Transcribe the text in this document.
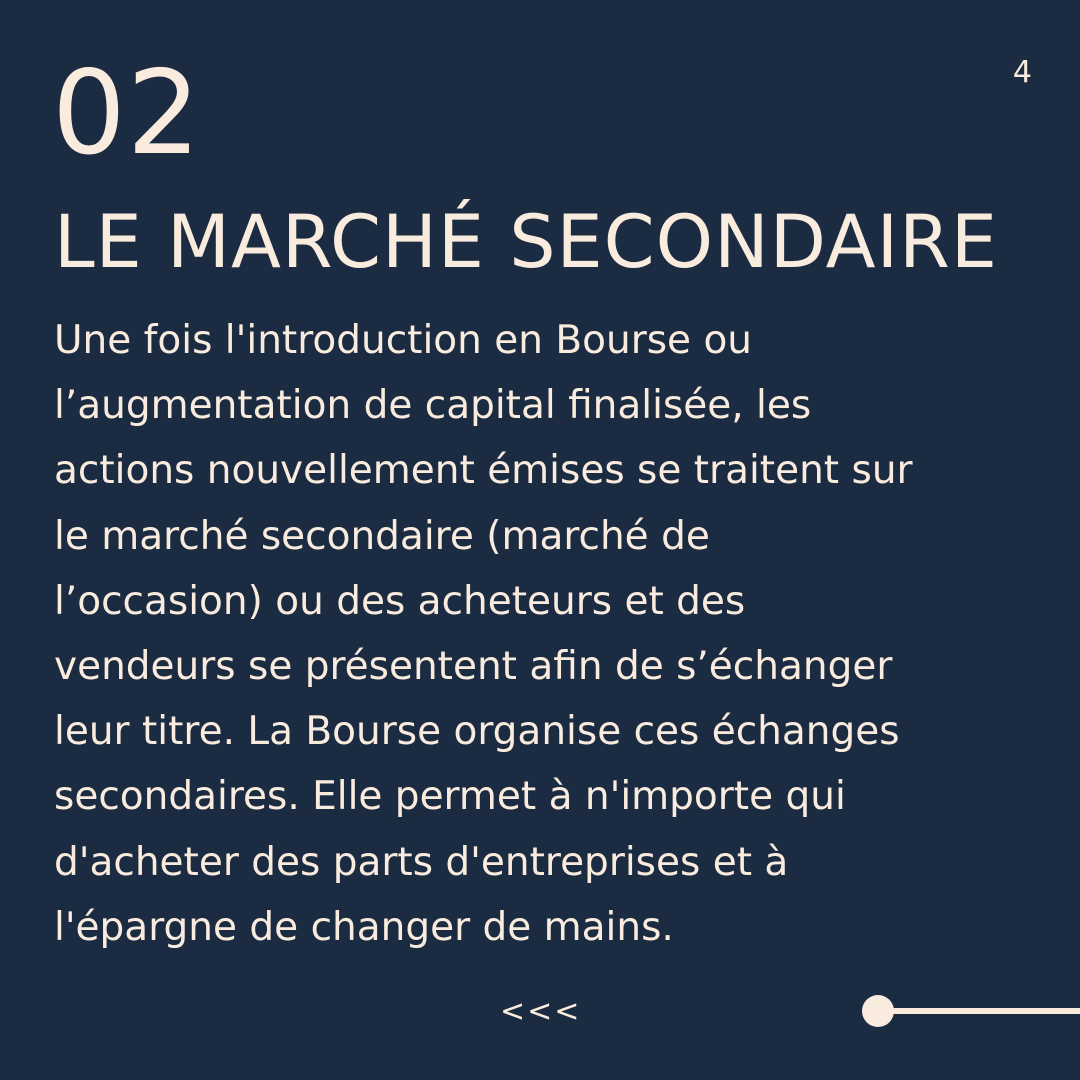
4
02
LE MARCHÉ SECONDAIRE
Une fois l'introduction en Bourse ou
l’augmentation de capital finalisée, les
actions nouvellement émises se traitent sur
le marché secondaire (marché de
l’occasion) ou des acheteurs et des
vendeurs se présentent afin de s’échanger
leur titre. La Bourse organise ces échanges
secondaires. Elle permet à n'importe qui
d'acheter des parts d'entreprises et à
l'épargne de changer de mains.
<<<
